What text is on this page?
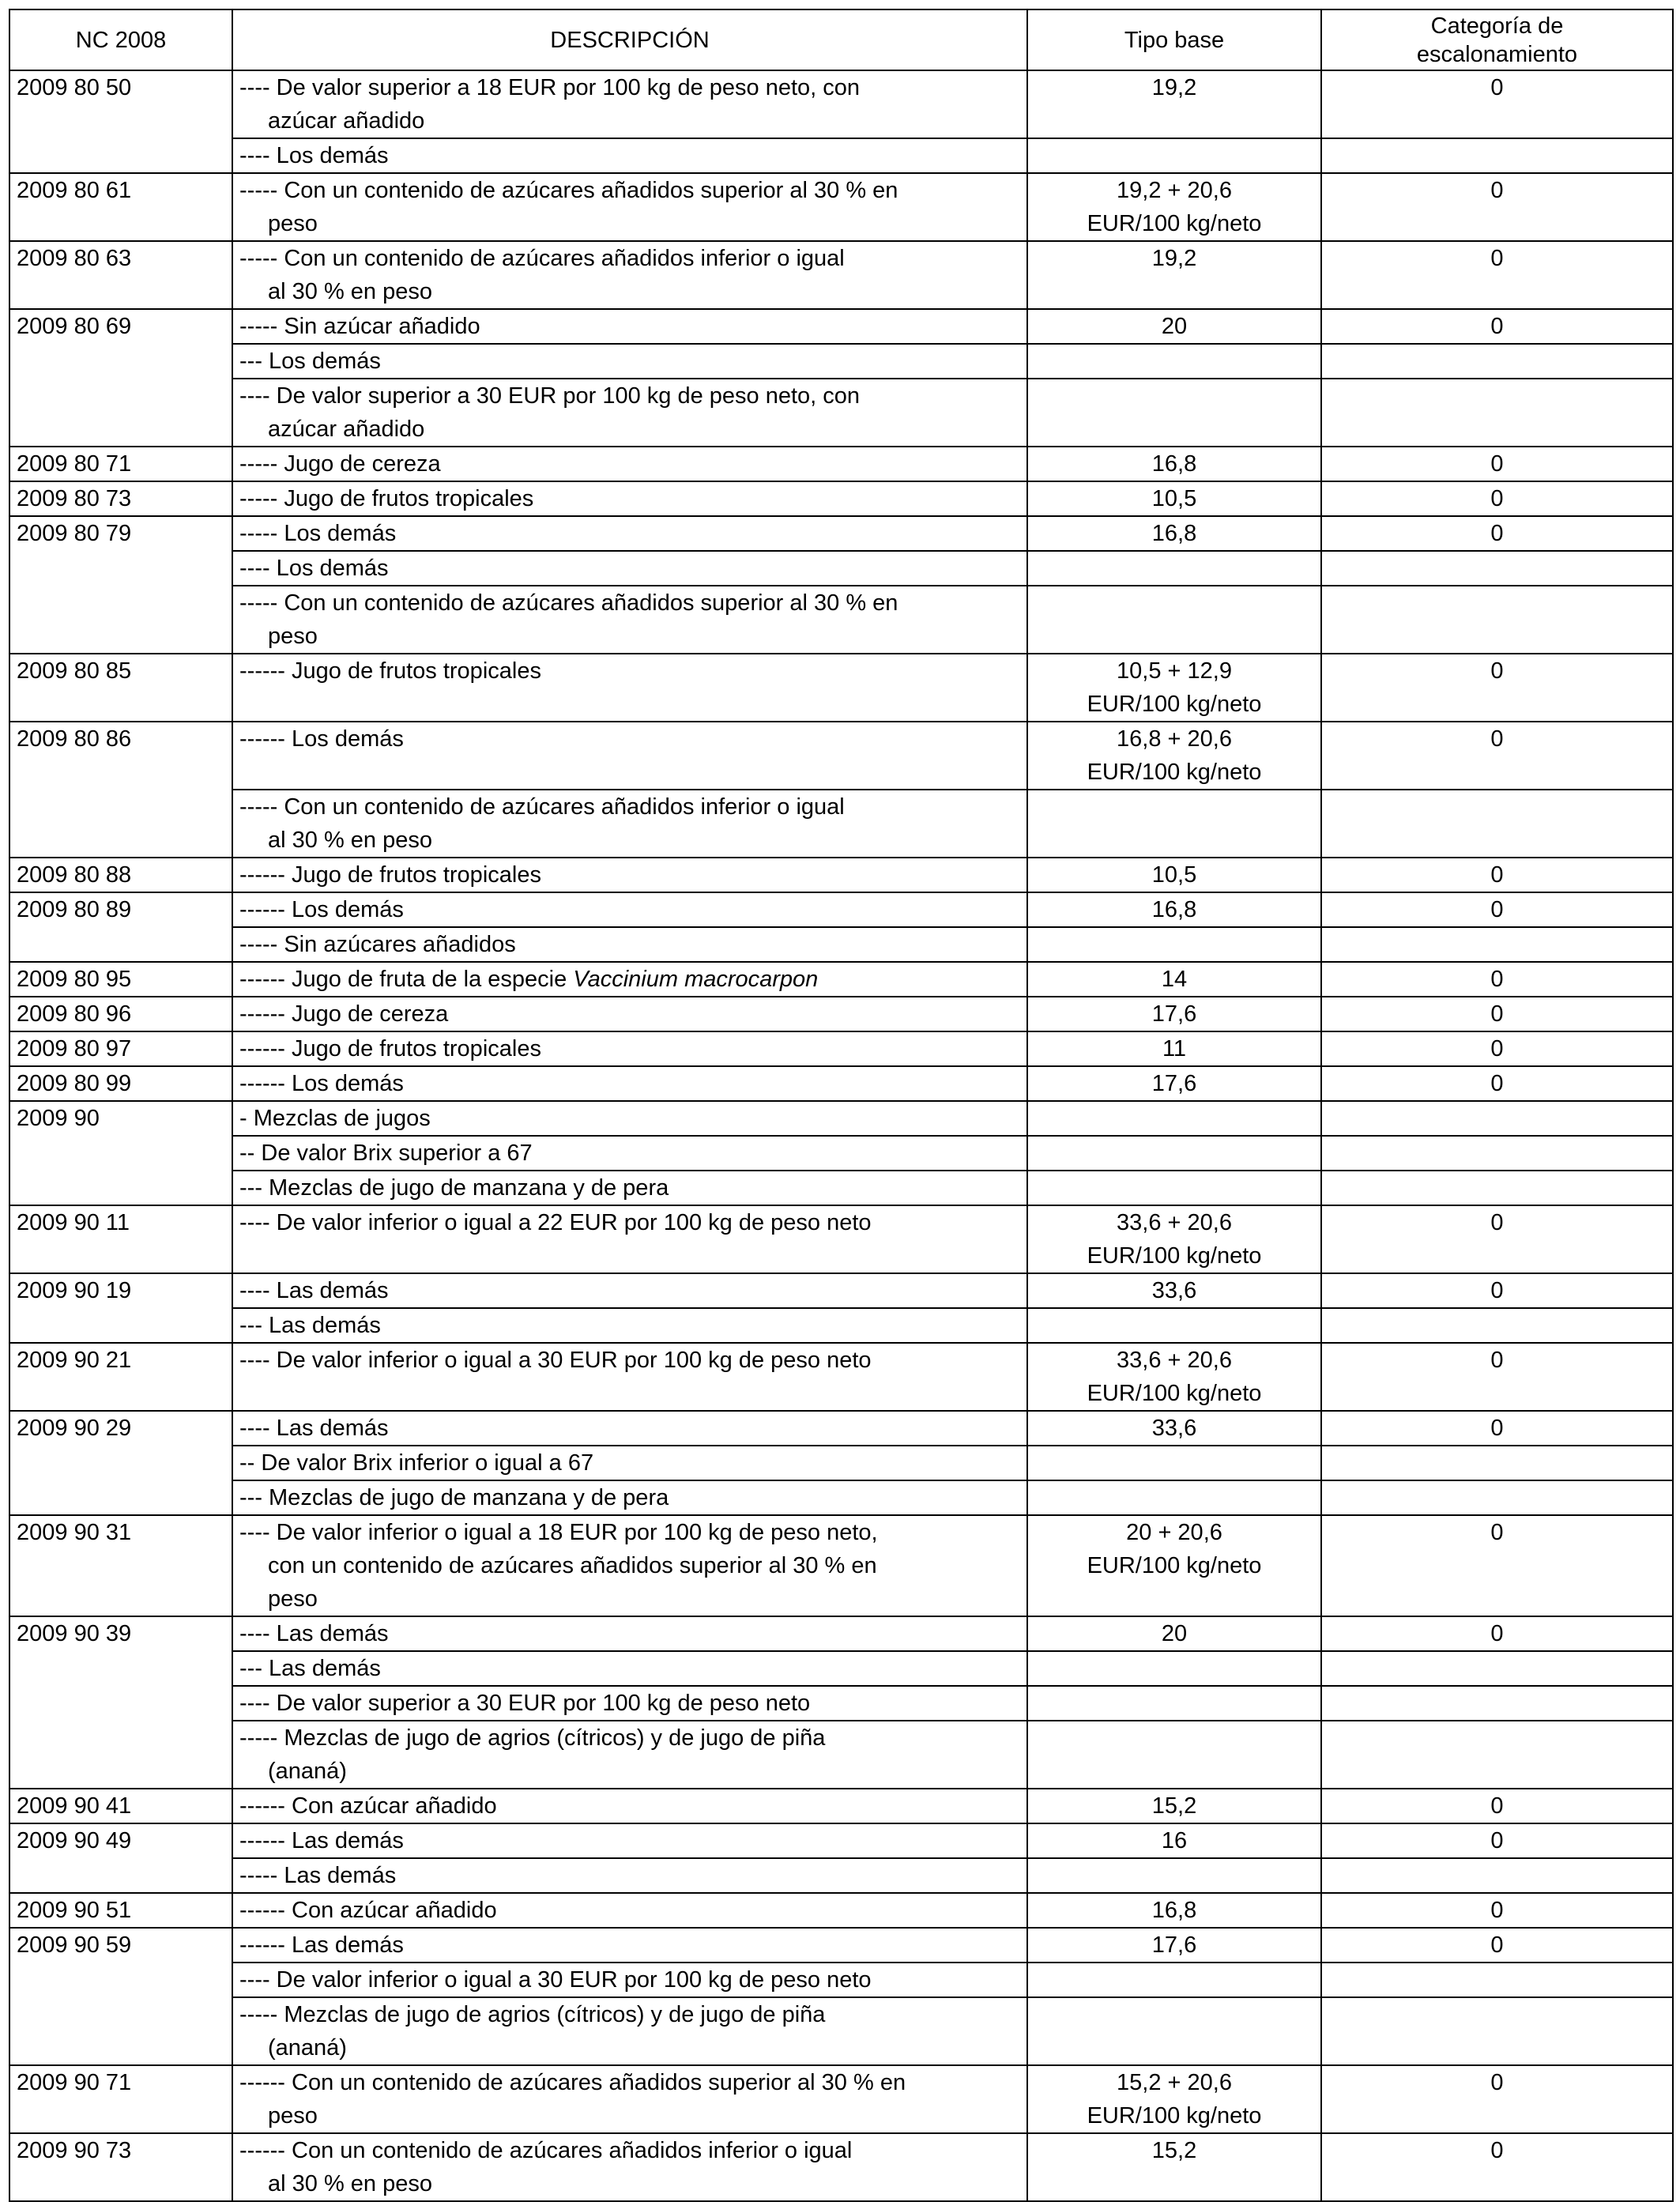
NC 2008	DESCRIPCIÓN	Tipo base	Categoría de
escalonamiento
2009 80 50	---- De valor superior a 18 EUR por 100 kg de peso neto, con
azúcar añadido	19,2	0
	---- Los demás		
2009 80 61	----- Con un contenido de azúcares añadidos superior al 30 % en
peso	19,2 + 20,6
EUR/100 kg/neto	0
2009 80 63	----- Con un contenido de azúcares añadidos inferior o igual
al 30 % en peso	19,2	0
2009 80 69	----- Sin azúcar añadido	20	0
	--- Los demás		
	---- De valor superior a 30 EUR por 100 kg de peso neto, con
azúcar añadido		

2009 80 71	----- Jugo de cereza	16,8	0
2009 80 73	----- Jugo de frutos tropicales	10,5	0
2009 80 79	----- Los demás	16,8	0
	---- Los demás		
	----- Con un contenido de azúcares añadidos superior al 30 % en
peso		

2009 80 85	------ Jugo de frutos tropicales	10,5 + 12,9
EUR/100 kg/neto	0
2009 80 86	------ Los demás	16,8 + 20,6
EUR/100 kg/neto	0
	----- Con un contenido de azúcares añadidos inferior o igual
al 30 % en peso		

2009 80 88	------ Jugo de frutos tropicales	10,5	0
2009 80 89	------ Los demás	16,8	0
	----- Sin azúcares añadidos		
2009 80 95	------ Jugo de fruta de la especie Vaccinium macrocarpon	14	0
2009 80 96	------ Jugo de cereza	17,6	0
2009 80 97	------ Jugo de frutos tropicales	11	0
2009 80 99	------ Los demás	17,6	0
2009 90	- Mezclas de jugos		
	-- De valor Brix superior a 67		
	--- Mezclas de jugo de manzana y de pera		
2009 90 11	---- De valor inferior o igual a 22 EUR por 100 kg de peso neto	33,6 + 20,6
EUR/100 kg/neto	0
2009 90 19	---- Las demás	33,6	0
	--- Las demás		
2009 90 21	---- De valor inferior o igual a 30 EUR por 100 kg de peso neto	33,6 + 20,6
EUR/100 kg/neto	0
2009 90 29	---- Las demás	33,6	0
	-- De valor Brix inferior o igual a 67		
	--- Mezclas de jugo de manzana y de pera		
2009 90 31	---- De valor inferior o igual a 18 EUR por 100 kg de peso neto,
con un contenido de azúcares añadidos superior al 30 % en
peso	20 + 20,6
EUR/100 kg/neto	0
2009 90 39	---- Las demás	20	0
	--- Las demás		
	---- De valor superior a 30 EUR por 100 kg de peso neto		
	----- Mezclas de jugo de agrios (cítricos) y de jugo de piña
(ananá)		

2009 90 41	------ Con azúcar añadido	15,2	0
2009 90 49	------ Las demás	16	0
	----- Las demás		
2009 90 51	------ Con azúcar añadido	16,8	0
2009 90 59	------ Las demás	17,6	0
	---- De valor inferior o igual a 30 EUR por 100 kg de peso neto		
	----- Mezclas de jugo de agrios (cítricos) y de jugo de piña
(ananá)		

2009 90 71	------ Con un contenido de azúcares añadidos superior al 30 % en
peso	15,2 + 20,6
EUR/100 kg/neto	0
2009 90 73	------ Con un contenido de azúcares añadidos inferior o igual
al 30 % en peso	15,2	0
